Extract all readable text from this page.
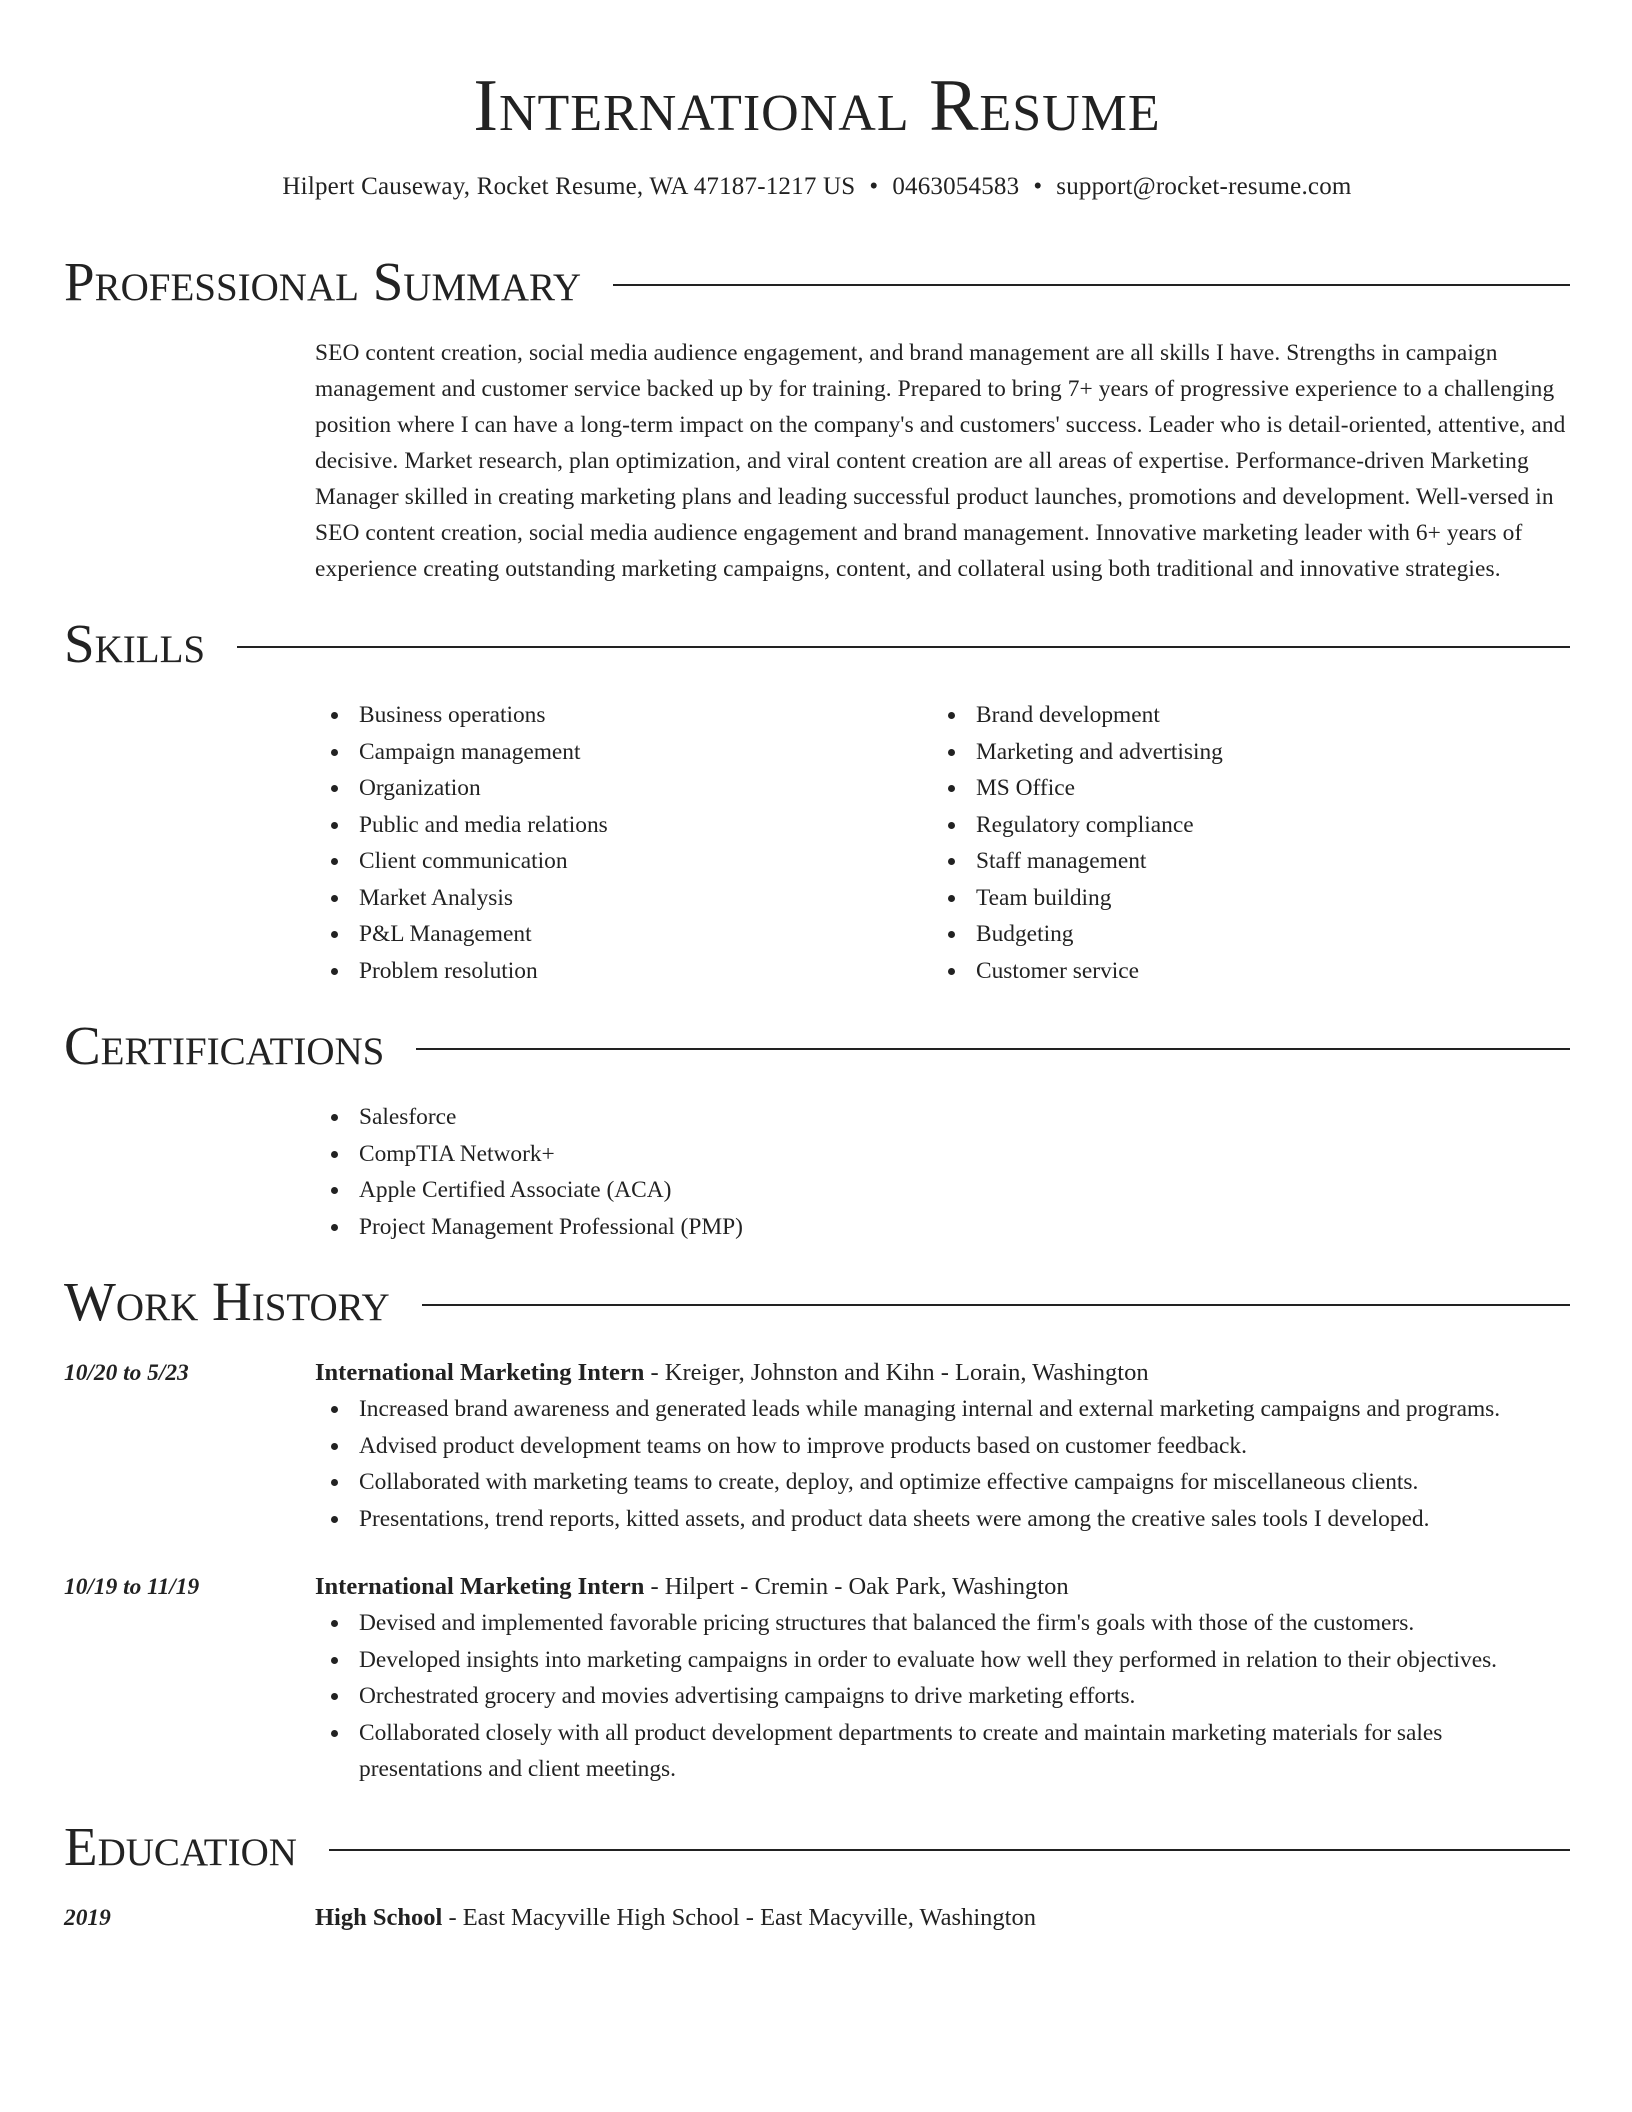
International Resume
Hilpert Causeway, Rocket Resume, WA 47187-1217 US • 0463054583 • support@rocket-resume.com
Professional Summary
SEO content creation, social media audience engagement, and brand management are all skills I have. Strengths in campaign management and customer service backed up by for training. Prepared to bring 7+ years of progressive experience to a challenging position where I can have a long-term impact on the company's and customers' success. Leader who is detail-oriented, attentive, and decisive. Market research, plan optimization, and viral content creation are all areas of expertise. Performance-driven Marketing Manager skilled in creating marketing plans and leading successful product launches, promotions and development. Well-versed in SEO content creation, social media audience engagement and brand management. Innovative marketing leader with 6+ years of experience creating outstanding marketing campaigns, content, and collateral using both traditional and innovative strategies.
Skills
Business operations
Campaign management
Organization
Public and media relations
Client communication
Market Analysis
P&L Management
Problem resolution
Brand development
Marketing and advertising
MS Office
Regulatory compliance
Staff management
Team building
Budgeting
Customer service
Certifications
Salesforce
CompTIA Network+
Apple Certified Associate (ACA)
Project Management Professional (PMP)
Work History
10/20 to 5/23	International Marketing Intern - Kreiger, Johnston and Kihn - Lorain, Washington
Increased brand awareness and generated leads while managing internal and external marketing campaigns and programs.
Advised product development teams on how to improve products based on customer feedback.
Collaborated with marketing teams to create, deploy, and optimize effective campaigns for miscellaneous clients.
Presentations, trend reports, kitted assets, and product data sheets were among the creative sales tools I developed.
10/19 to 11/19	International Marketing Intern - Hilpert - Cremin - Oak Park, Washington
Devised and implemented favorable pricing structures that balanced the firm's goals with those of the customers.
Developed insights into marketing campaigns in order to evaluate how well they performed in relation to their objectives.
Orchestrated grocery and movies advertising campaigns to drive marketing efforts.
Collaborated closely with all product development departments to create and maintain marketing materials for sales presentations and client meetings.
Education
2019	High School - East Macyville High School - East Macyville, Washington
